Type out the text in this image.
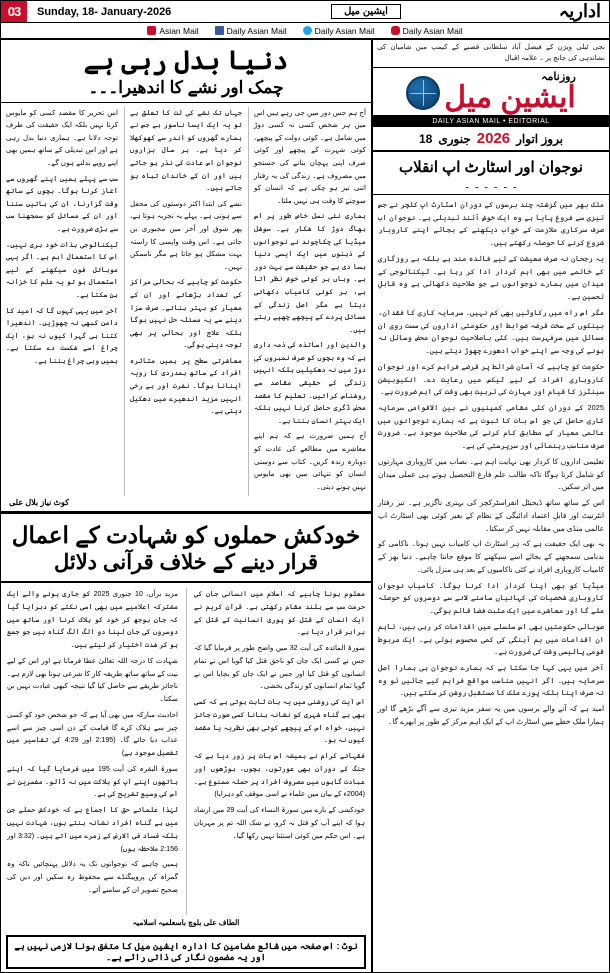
03	Sunday, 18- January-2026	ایشین میل	اداریہ
Asian Mail	Daily Asian Mail	Daily Asian Mail	Daily Asian Mail
دنیا بدل رہی ہے
چمک اور نشے کا اندھیرا۔۔۔

آج ہم جس دور میں جی رہے ہیں اس میں ہر شخص کسی نہ کسی دوڑ میں شامل ہے۔ کوئی دولت کے پیچھے، کوئی شہرت کے پیچھے اور کوئی صرف اپنی پہچان بنانے کی جستجو میں مصروف ہے۔ زندگی کی یہ رفتار اتنی تیز ہو چکی ہے کہ انسان کو سوچنے کا وقت ہی نہیں ملتا۔

ہماری نئی نسل خاص طور پر اس بھاگ دوڑ کا شکار ہے۔ سوشل میڈیا کی چکاچوند نے نوجوانوں کے ذہنوں میں ایک ایسی دنیا بسا دی ہے جو حقیقت سے بہت دور ہے۔ وہاں ہر کوئی خوش نظر آتا ہے، ہر کوئی کامیاب دکھائی دیتا ہے مگر اصل زندگی کے مسائل پردے کے پیچھے چھپے رہتے ہیں۔

والدین اور اساتذہ کی ذمہ داری ہے کہ وہ بچوں کو صرف نمبروں کی دوڑ میں نہ دھکیلیں بلکہ انہیں زندگی کے حقیقی مقاصد سے روشناس کرائیں۔ تعلیم کا مقصد محض ڈگری حاصل کرنا نہیں بلکہ ایک بہتر انسان بننا ہے۔

آج ہمیں ضرورت ہے کہ ہم اپنے معاشرے میں مطالعے کی عادت کو دوبارہ زندہ کریں۔ کتاب سے دوستی انسان کو تنہائی میں بھی مایوس نہیں ہونے دیتی۔

جہاں تک نشے کی لت کا تعلق ہے تو یہ ایک ایسا ناسور ہے جس نے ہمارے گھروں کو اندر سے کھوکھلا کر دیا ہے۔ ہر سال ہزاروں نوجوان اس عادت کی نذر ہو جاتے ہیں اور ان کے خاندان تباہ ہو جاتے ہیں۔

نشے کی ابتدا اکثر دوستوں کی محفل سے ہوتی ہے۔ پہلے یہ تجربہ ہوتا ہے، پھر شوق اور آخر میں مجبوری بن جاتی ہے۔ اس وقت واپسی کا راستہ بہت مشکل ہو جاتا ہے مگر ناممکن نہیں۔

حکومت کو چاہیے کہ بحالی مراکز کی تعداد بڑھائے اور ان کے معیار کو بہتر بنائے۔ صرف سزا دینے سے یہ مسئلہ حل نہیں ہوگا بلکہ علاج اور بحالی پر بھی توجہ دینی ہوگی۔

معاشرتی سطح پر ہمیں متاثرہ افراد کے ساتھ ہمدردی کا رویہ اپنانا ہوگا۔ نفرت اور بے رخی انہیں مزید اندھیرے میں دھکیل دیتی ہے۔

اس تحریر کا مقصد کسی کو مایوس کرنا نہیں بلکہ ایک حقیقت کی طرف توجہ دلانا ہے۔ ہماری دنیا بدل رہی ہے اور اس تبدیلی کے ساتھ ہمیں بھی اپنے رویے بدلنے ہوں گے۔

سب سے پہلے ہمیں اپنے گھروں سے آغاز کرنا ہوگا۔ بچوں کے ساتھ وقت گزارنا، ان کی باتیں سننا اور ان کے مسائل کو سمجھنا سب سے بڑی ضرورت ہے۔

ٹیکنالوجی بذات خود بری نہیں، اس کا استعمال اہم ہے۔ اگر یہی موبائل فون سیکھنے کے لیے استعمال ہو تو یہ علم کا خزانہ بن سکتا ہے۔

آخر میں یہی کہوں گا کہ امید کا دامن کبھی نہ چھوڑیں۔ اندھیرا کتنا ہی گہرا کیوں نہ ہو، ایک چراغ اسے شکست دے سکتا ہے۔ ہمیں وہی چراغ بننا ہے۔

کوٹ نیاز بلال علی
خودکش حملوں کو شہادت کے اعمال
قرار دینے کے خلاف قرآنی دلائل

معلوم ہونا چاہیے کہ اسلام میں انسانی جان کی حرمت سب سے بلند مقام رکھتی ہے۔ قرآن کریم نے ایک انسان کے قتل کو پوری انسانیت کے قتل کے برابر قرار دیا ہے۔

سورۃ المائدہ کی آیت 32 میں واضح طور پر فرمایا گیا کہ جس نے کسی ایک جان کو ناحق قتل کیا گویا اس نے تمام انسانوں کو قتل کیا اور جس نے ایک جان کو بچایا اس نے گویا تمام انسانوں کو زندگی بخشی۔

اس آیت کی روشنی میں یہ بات ثابت ہوتی ہے کہ کسی بھی بے گناہ شہری کو نشانہ بنانا کسی صورت جائز نہیں، خواہ اس کے پیچھے کوئی بھی نظریہ یا مقصد کیوں نہ ہو۔

فقہائے کرام نے ہمیشہ اس بات پر زور دیا ہے کہ جنگ کے دوران بھی عورتوں، بچوں، بوڑھوں اور عبادت گاہوں میں مصروف افراد پر حملہ ممنوع ہے۔ (2004ء کے بیان میں علماء نے اسی موقف کو دہرایا)

خودکشی کے بارے میں سورۃ النساء کی آیت 29 میں ارشاد ہوا کہ اپنے آپ کو قتل نہ کرو، بے شک اللہ تم پر مہربان ہے۔ اس حکم میں کوئی استثنا نہیں رکھا گیا۔

مزید برآں، 10 جنوری 2025 کو جاری ہونے والے ایک مشترکہ اعلامیے میں بھی اسی نکتے کو دہرایا گیا کہ جان بوجھ کر خود کو ہلاک کرنا اور ساتھ میں دوسروں کی جان لینا دو الگ الگ گناہ ہیں جو جمع ہو کر شدت اختیار کر لیتے ہیں۔

شہادت کا درجہ اللہ تعالیٰ عطا فرماتا ہے اور اس کے لیے نیت کے ساتھ ساتھ طریقہ کار کا شرعی ہونا بھی لازم ہے۔ ناجائز طریقے سے حاصل کیا گیا نتیجہ کبھی عبادت نہیں بن سکتا۔

احادیث مبارکہ میں بھی آیا ہے کہ جو شخص خود کو کسی چیز سے ہلاک کرے گا قیامت کے دن اسی چیز سے اسے عذاب دیا جائے گا۔ (2:195 اور 4:29 کی تفاسیر میں تفصیل موجود ہے)

سورۃ البقرہ کی آیت 195 میں فرمایا گیا کہ اپنے ہاتھوں اپنے آپ کو ہلاکت میں نہ ڈالو۔ مفسرین نے اس کی وسیع تشریح کی ہے۔

لہٰذا علمائے حق کا اجماع ہے کہ خودکش حملے جن میں بے گناہ افراد نشانہ بنتے ہوں، شہادت نہیں بلکہ فساد فی الارض کے زمرے میں آتے ہیں۔ (3:32 اور 2:156 ملاحظہ ہوں)

ہمیں چاہیے کہ نوجوانوں تک یہ دلائل پہنچائیں تاکہ وہ گمراہ کن پروپیگنڈے سے محفوظ رہ سکیں اور دین کی صحیح تصویر ان کے سامنے آئے۔

الطاف علی بلوچ باسعلمیہ اسلامیہ
نوٹ : اس صفحہ میں شائع مضامین کا ادارہ ایشین میل کا متفق ہونا لازمی نہیں ہے اور یہ مضمون نگار کی ذاتی رائے ہے۔
نجی ٹیلی ویژن کے فیصل آباد سلطانی قصبے کے کیمپ میں شامیان کی نشاندہی کی جانچ پر ۔ علامہ اقبال
روزنامہ
ایشین میل
DAILY ASIAN MAIL • EDITORIAL
بروز اتوار
2026
جنوری
18
نوجوان اور اسٹارٹ اپ انقلاب
۔ ۔ ۔ ۔ ۔ ۔

ملک بھر میں گزشتہ چند برسوں کے دوران اسٹارٹ اپ کلچر نے جس تیزی سے فروغ پایا ہے وہ ایک خوش آئند تبدیلی ہے۔ نوجوان اب صرف سرکاری ملازمت کے خواب دیکھنے کے بجائے اپنے کاروبار شروع کرنے کا حوصلہ رکھتے ہیں۔

یہ رجحان نہ صرف معیشت کے لیے فائدہ مند ہے بلکہ بے روزگاری کے خاتمے میں بھی اہم کردار ادا کر رہا ہے۔ ٹیکنالوجی کے میدان میں ہمارے نوجوانوں نے جو صلاحیت دکھائی ہے وہ قابلِ تحسین ہے۔

مگر اس راہ میں رکاوٹیں بھی کم نہیں۔ سرمایہ کاری کا فقدان، بینکوں کے سخت قرضہ ضوابط اور حکومتی اداروں کی سست روی ان مسائل میں سرِفہرست ہیں۔ کئی باصلاحیت نوجوان محض وسائل نہ ہونے کی وجہ سے اپنے خواب ادھورے چھوڑ دیتے ہیں۔

حکومت کو چاہیے کہ آسان شرائط پر قرضے فراہم کرے اور نوجوان کاروباری افراد کے لیے ٹیکس میں رعایت دے۔ انکیوبیشن سینٹرز کا قیام اور مہارت کی تربیت بھی وقت کی اہم ضرورت ہے۔

2025 کے دوران کئی مقامی کمپنیوں نے بین الاقوامی سرمایہ کاری حاصل کی جو اس بات کا ثبوت ہے کہ ہمارے نوجوانوں میں عالمی معیار کے مطابق کام کرنے کی صلاحیت موجود ہے۔ ضرورت صرف مناسب رہنمائی اور سرپرستی کی ہے۔

تعلیمی اداروں کا کردار بھی نہایت اہم ہے۔ نصاب میں کاروباری مہارتوں کو شامل کرنا ہوگا تاکہ طالب علم فارغ التحصیل ہوتے ہی عملی میدان میں اتر سکیں۔

اس کے ساتھ ساتھ ڈیجیٹل انفراسٹرکچر کی بہتری ناگزیر ہے۔ تیز رفتار انٹرنیٹ اور قابلِ اعتماد ادائیگی کے نظام کے بغیر کوئی بھی اسٹارٹ اپ عالمی منڈی میں مقابلہ نہیں کر سکتا۔

یہ بھی ایک حقیقت ہے کہ ہر اسٹارٹ اپ کامیاب نہیں ہوتا۔ ناکامی کو بدنامی سمجھنے کے بجائے اسے سیکھنے کا موقع جاننا چاہیے۔ دنیا بھر کے کامیاب کاروباری افراد نے کئی ناکامیوں کے بعد ہی منزل پائی۔

میڈیا کو بھی اپنا کردار ادا کرنا ہوگا۔ کامیاب نوجوان کاروباری شخصیات کی کہانیاں سامنے لانے سے دوسروں کو حوصلہ ملے گا اور معاشرے میں ایک مثبت فضا قائم ہوگی۔

صوبائی حکومتیں بھی اس سلسلے میں اقدامات کر رہی ہیں، تاہم ان اقدامات میں ہم آہنگی کی کمی محسوس ہوتی ہے۔ ایک مربوط قومی پالیسی وقت کی ضرورت ہے۔

آخر میں یہی کہا جا سکتا ہے کہ ہمارے نوجوان ہی ہمارا اصل سرمایہ ہیں۔ اگر انہیں مناسب مواقع فراہم کیے جائیں تو وہ نہ صرف اپنا بلکہ پورے ملک کا مستقبل روشن کر سکتے ہیں۔

امید ہے کہ آنے والے برسوں میں یہ سفر مزید تیزی سے آگے بڑھے گا اور ہمارا ملک خطے میں اسٹارٹ اپ کے ایک اہم مرکز کے طور پر ابھرے گا۔
